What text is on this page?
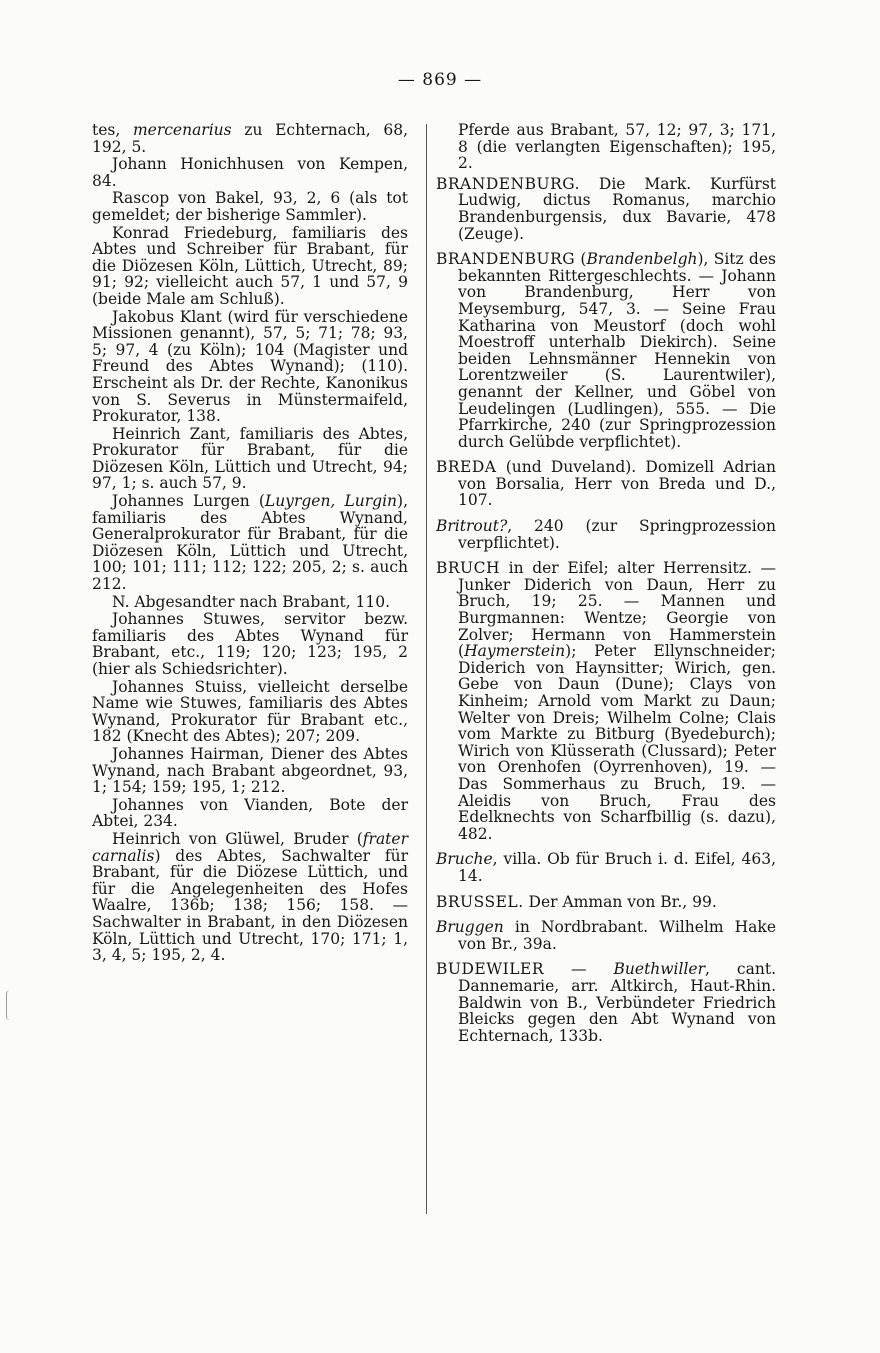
— 869 —

tes, mercenarius zu Echternach, 68, 192, 5.

Johann Honichhusen von Kempen, 84.

Rascop von Bakel, 93, 2, 6 (als tot gemeldet; der bisherige Sammler).

Konrad Friedeburg, familiaris des Abtes und Schreiber für Brabant, für die Diözesen Köln, Lüttich, Utrecht, 89; 91; 92; vielleicht auch 57, 1 und 57, 9 (beide Male am Schluß).

Jakobus Klant (wird für verschiedene Missionen genannt), 57, 5; 71; 78; 93, 5; 97, 4 (zu Köln); 104 (Magister und Freund des Abtes Wynand); (110). Erscheint als Dr. der Rechte, Kanonikus von S. Severus in Münstermaifeld, Prokurator, 138.

Heinrich Zant, familiaris des Abtes, Prokurator für Brabant, für die Diözesen Köln, Lüttich und Utrecht, 94; 97, 1; s. auch 57, 9.

Johannes Lurgen (Luyrgen, Lurgin), familiaris des Abtes Wynand, Generalprokurator für Brabant, für die Diözesen Köln, Lüttich und Utrecht, 100; 101; 111; 112; 122; 205, 2; s. auch 212.

N. Abgesandter nach Brabant, 110.

Johannes Stuwes, servitor bezw. familiaris des Abtes Wynand für Brabant, etc., 119; 120; 123; 195, 2 (hier als Schiedsrichter).

Johannes Stuiss, vielleicht derselbe Name wie Stuwes, familiaris des Abtes Wynand, Prokurator für Brabant etc., 182 (Knecht des Abtes); 207; 209.

Johannes Hairman, Diener des Abtes Wynand, nach Brabant abgeordnet, 93, 1; 154; 159; 195, 1; 212.

Johannes von Vianden, Bote der Abtei, 234.

Heinrich von Glüwel, Bruder (frater carnalis) des Abtes, Sachwalter für Brabant, für die Diözese Lüttich, und für die Angelegenheiten des Hofes Waalre, 136b; 138; 156; 158. — Sachwalter in Brabant, in den Diözesen Köln, Lüttich und Utrecht, 170; 171; 1, 3, 4, 5; 195, 2, 4.

Pferde aus Brabant, 57, 12; 97, 3; 171, 8 (die verlangten Eigenschaften); 195, 2.

BRANDENBURG. Die Mark. Kurfürst Ludwig, dictus Romanus, marchio Brandenburgensis, dux Bavarie, 478 (Zeuge).

BRANDENBURG (Brandenbelgh), Sitz des bekannten Rittergeschlechts. — Johann von Brandenburg, Herr von Meysemburg, 547, 3. — Seine Frau Katharina von Meustorf (doch wohl Moestroff unterhalb Diekirch). Seine beiden Lehnsmänner Hennekin von Lorentzweiler (S. Laurentwiler), genannt der Kellner, und Göbel von Leudelingen (Ludlingen), 555. — Die Pfarrkirche, 240 (zur Springprozession durch Gelübde verpflichtet).

BREDA (und Duveland). Domizell Adrian von Borsalia, Herr von Breda und D., 107.

Britrout?, 240 (zur Springprozession verpflichtet).

BRUCH in der Eifel; alter Herrensitz. — Junker Diderich von Daun, Herr zu Bruch, 19; 25. — Mannen und Burgmannen: Wentze; Georgie von Zolver; Hermann von Hammerstein (Haymerstein); Peter Ellynschneider; Diderich von Haynsitter; Wirich, gen. Gebe von Daun (Dune); Clays von Kinheim; Arnold vom Markt zu Daun; Welter von Dreis; Wilhelm Colne; Clais vom Markte zu Bitburg (Byedeburch); Wirich von Klüsserath (Clussard); Peter von Orenhofen (Oyrrenhoven), 19. — Das Sommerhaus zu Bruch, 19. — Aleidis von Bruch, Frau des Edelknechts von Scharfbillig (s. dazu), 482.

Bruche, villa. Ob für Bruch i. d. Eifel, 463, 14.

BRUSSEL. Der Amman von Br., 99.

Bruggen in Nordbrabant. Wilhelm Hake von Br., 39a.

BUDEWILER — Buethwiller, cant. Dannemarie, arr. Altkirch, Haut-Rhin. Baldwin von B., Verbündeter Friedrich Bleicks gegen den Abt Wynand von Echternach, 133b.
